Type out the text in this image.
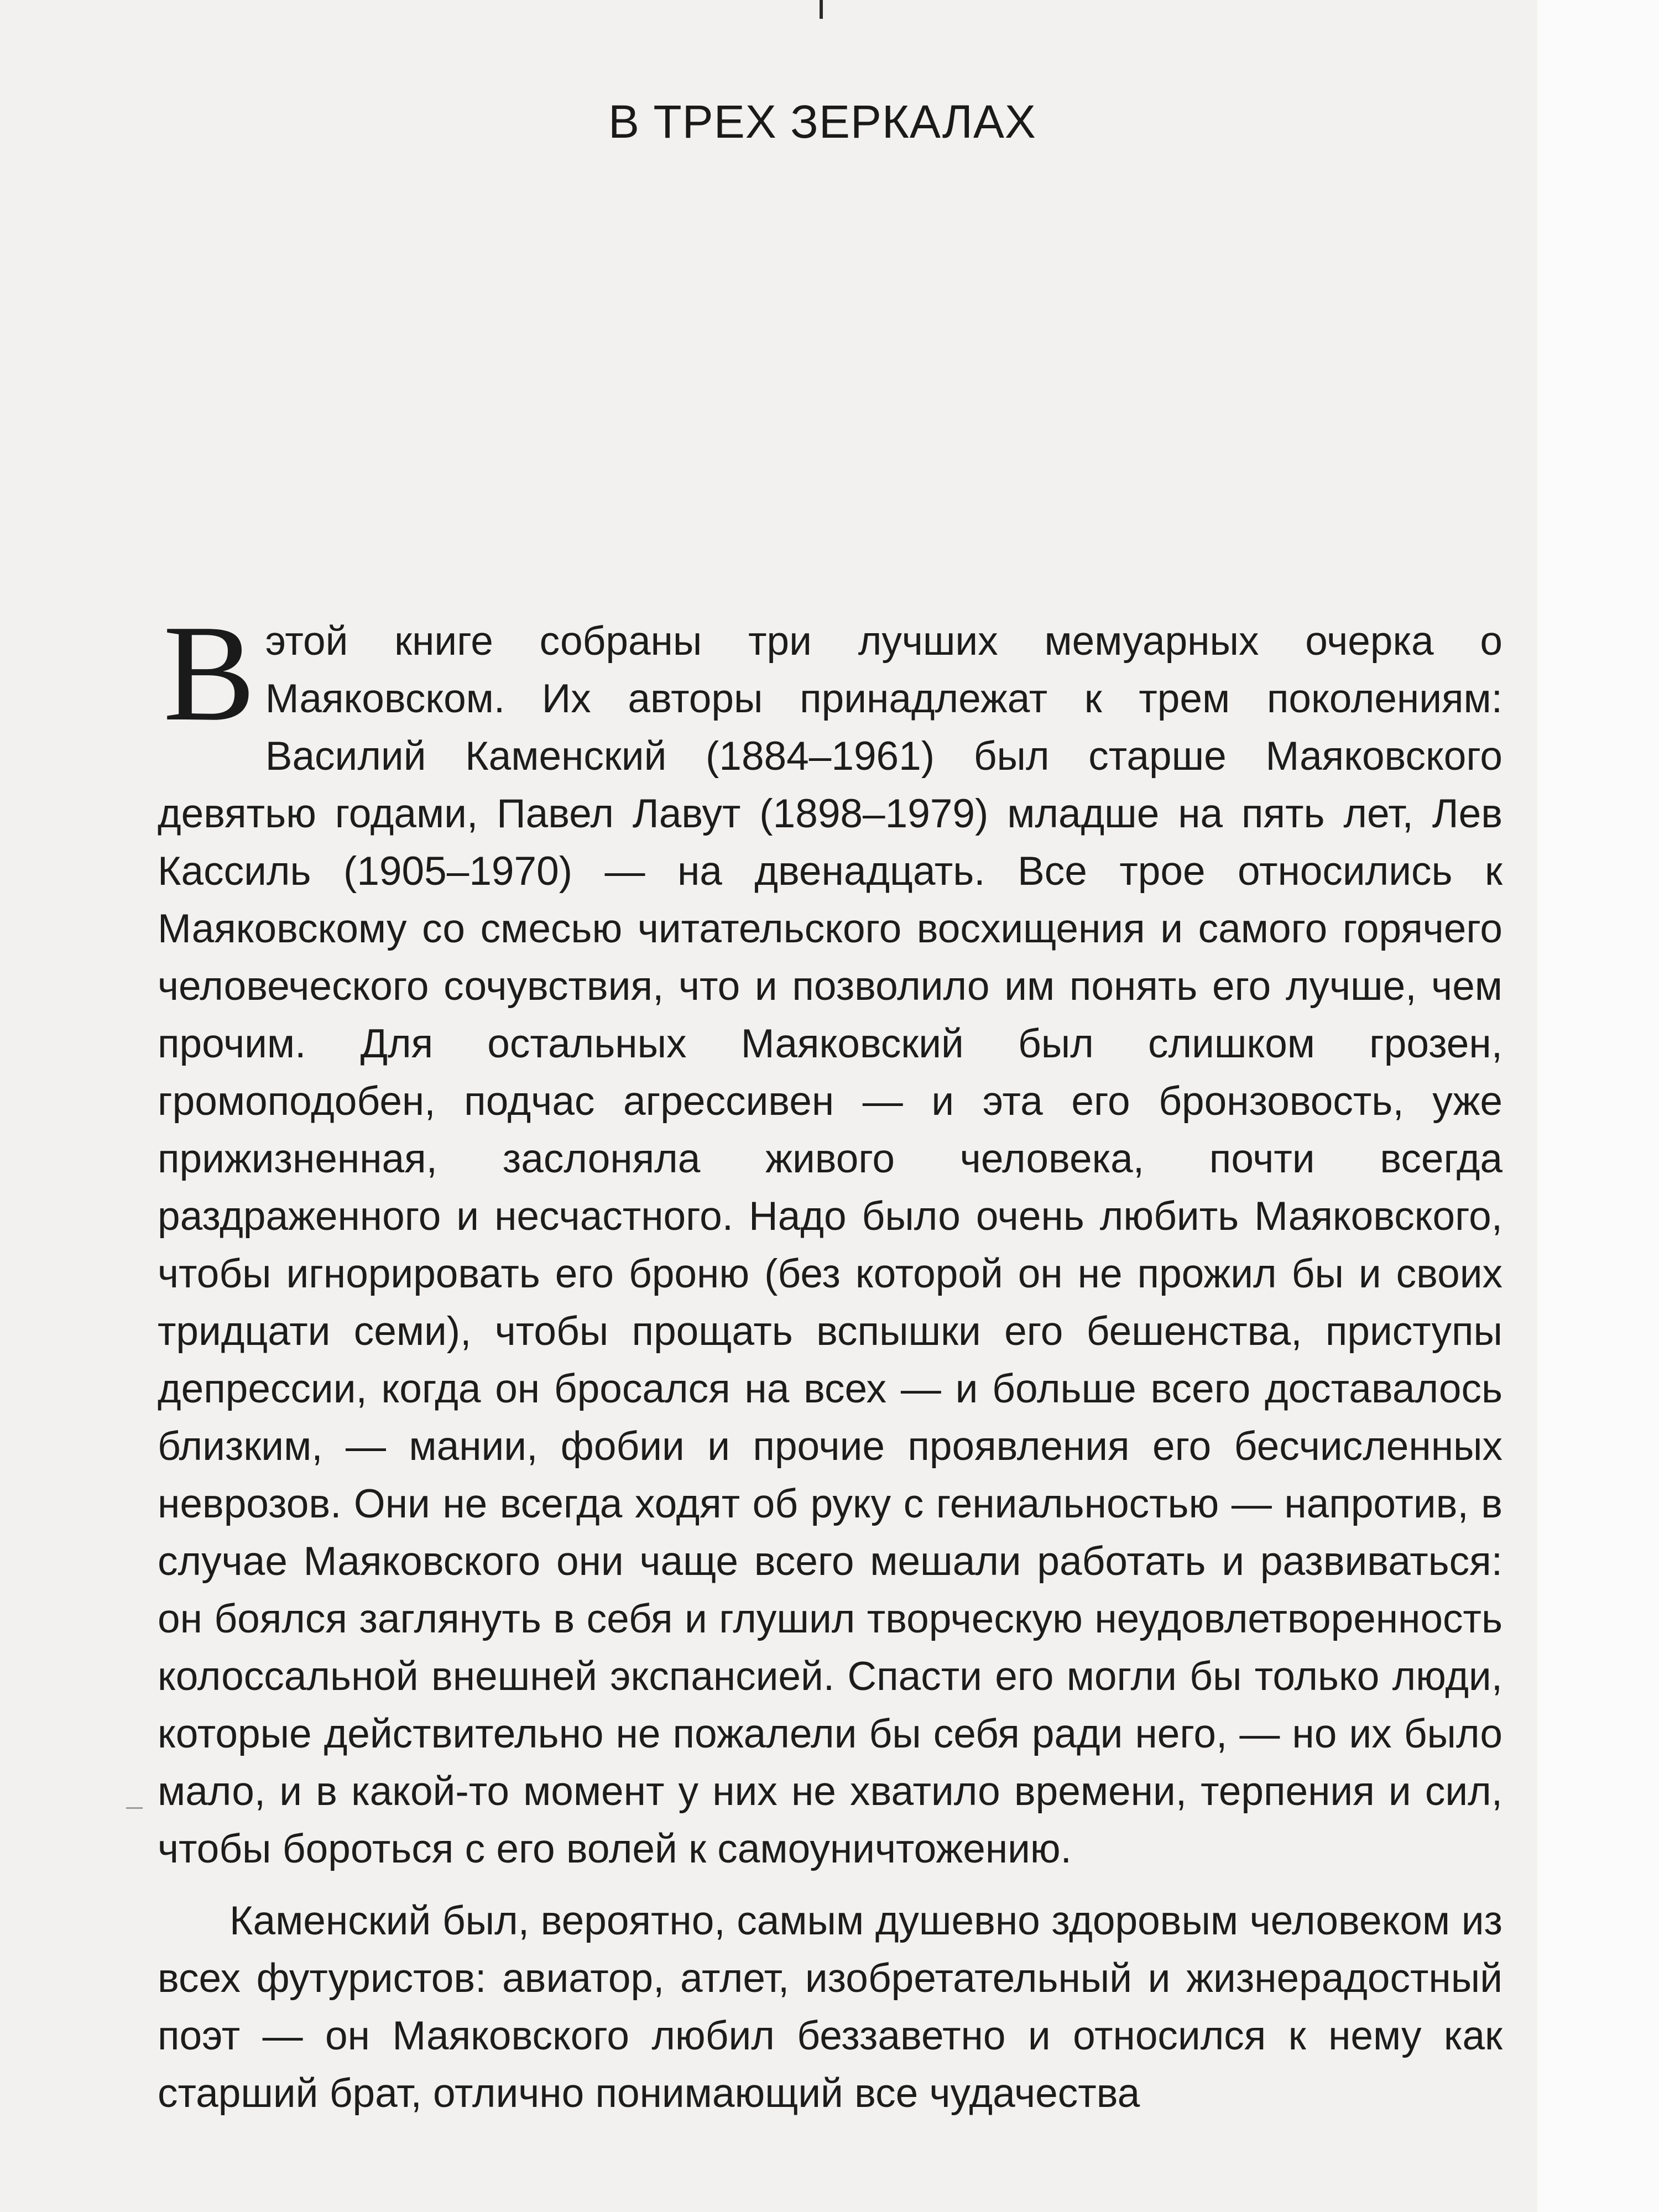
В ТРЕХ ЗЕРКАЛАХ

Вэтой книге собраны три лучших мемуарных очерка о Маяковском. Их авторы принадлежат к трем поколениям: Василий Каменский (1884–1961) был старше Маяковского девятью годами, Павел Лавут (1898–1979) младше на пять лет, Лев Кассиль (1905–1970) — на двенадцать. Все трое относились к Маяковскому со смесью читательского восхищения и самого горячего человеческого сочувствия, что и позволило им понять его лучше, чем прочим. Для остальных Маяковский был слишком грозен, громоподобен, подчас агрессивен — и эта его бронзовость, уже прижизненная, заслоняла живого человека, почти всегда раздраженного и несчастного. Надо было очень любить Маяковского, чтобы игнорировать его броню (без которой он не прожил бы и своих тридцати семи), чтобы прощать вспышки его бешенства, приступы депрессии, когда он бросался на всех — и больше всего доставалось близким, — мании, фобии и прочие проявления его бесчисленных неврозов. Они не всегда ходят об руку с гениальностью — напротив, в случае Маяковского они чаще всего мешали работать и развиваться: он боялся заглянуть в себя и глушил творческую неудовлетворенность колоссальной внешней экспансией. Спасти его могли бы только люди, которые действительно не пожалели бы себя ради него, — но их было мало, и в какой-то момент у них не хватило времени, терпения и сил, чтобы бороться с его волей к самоуничтожению.

Каменский был, вероятно, самым душевно здоровым человеком из всех футуристов: авиатор, атлет, изобретательный и жизнерадостный поэт — он Маяковского любил беззаветно и относился к нему как старший брат, отлично понимающий все чудачества
